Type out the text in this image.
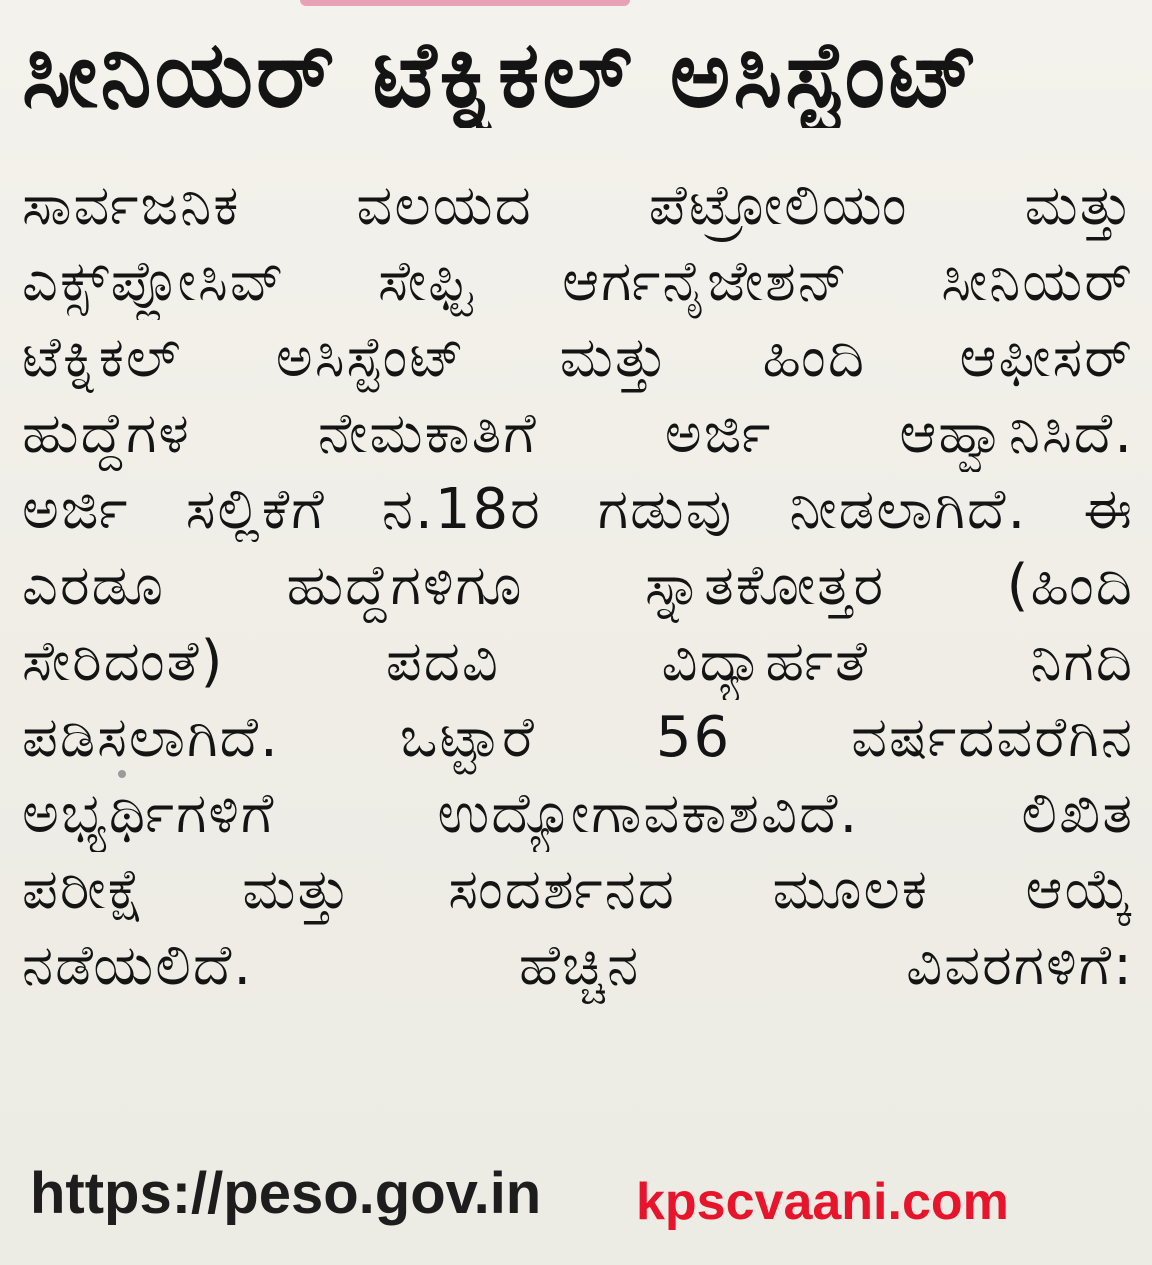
ಸೀನಿಯರ್ ಟೆಕ್ನಿಕಲ್ ಅಸಿಸ್ಟೆಂಟ್
ಸಾರ್ವಜನಿಕ ವಲಯದ ಪೆಟ್ರೋಲಿಯಂ ಮತ್ತು
ಎಕ್ಸ್‌ಪ್ಲೋಸಿವ್ ಸೇಫ್ಟಿ ಆರ್ಗನೈಜೇಶನ್ ಸೀನಿಯರ್
ಟೆಕ್ನಿಕಲ್ ಅಸಿಸ್ಟೆಂಟ್ ಮತ್ತು ಹಿಂದಿ ಆಫೀಸರ್
ಹುದ್ದೆಗಳ ನೇಮಕಾತಿಗೆ ಅರ್ಜಿ ಆಹ್ವಾನಿಸಿದೆ.
ಅರ್ಜಿ ಸಲ್ಲಿಕೆಗೆ ನ.18ರ ಗಡುವು ನೀಡಲಾಗಿದೆ. ಈ
ಎರಡೂ ಹುದ್ದೆಗಳಿಗೂ ಸ್ನಾತಕೋತ್ತರ (ಹಿಂದಿ
ಸೇರಿದಂತೆ) ಪದವಿ ವಿದ್ಯಾರ್ಹತೆ ನಿಗದಿ
ಪಡಿಸಲಾಗಿದೆ. ಒಟ್ಟಾರೆ 56 ವರ್ಷದವರೆಗಿನ
ಅಭ್ಯರ್ಥಿಗಳಿಗೆ ಉದ್ಯೋಗಾವಕಾಶವಿದೆ. ಲಿಖಿತ
ಪರೀಕ್ಷೆ ಮತ್ತು ಸಂದರ್ಶನದ ಮೂಲಕ ಆಯ್ಕೆ
ನಡೆಯಲಿದೆ. ಹೆಚ್ಚಿನ ವಿವರಗಳಿಗೆ:
https://peso.gov.in kpscvaani.com
